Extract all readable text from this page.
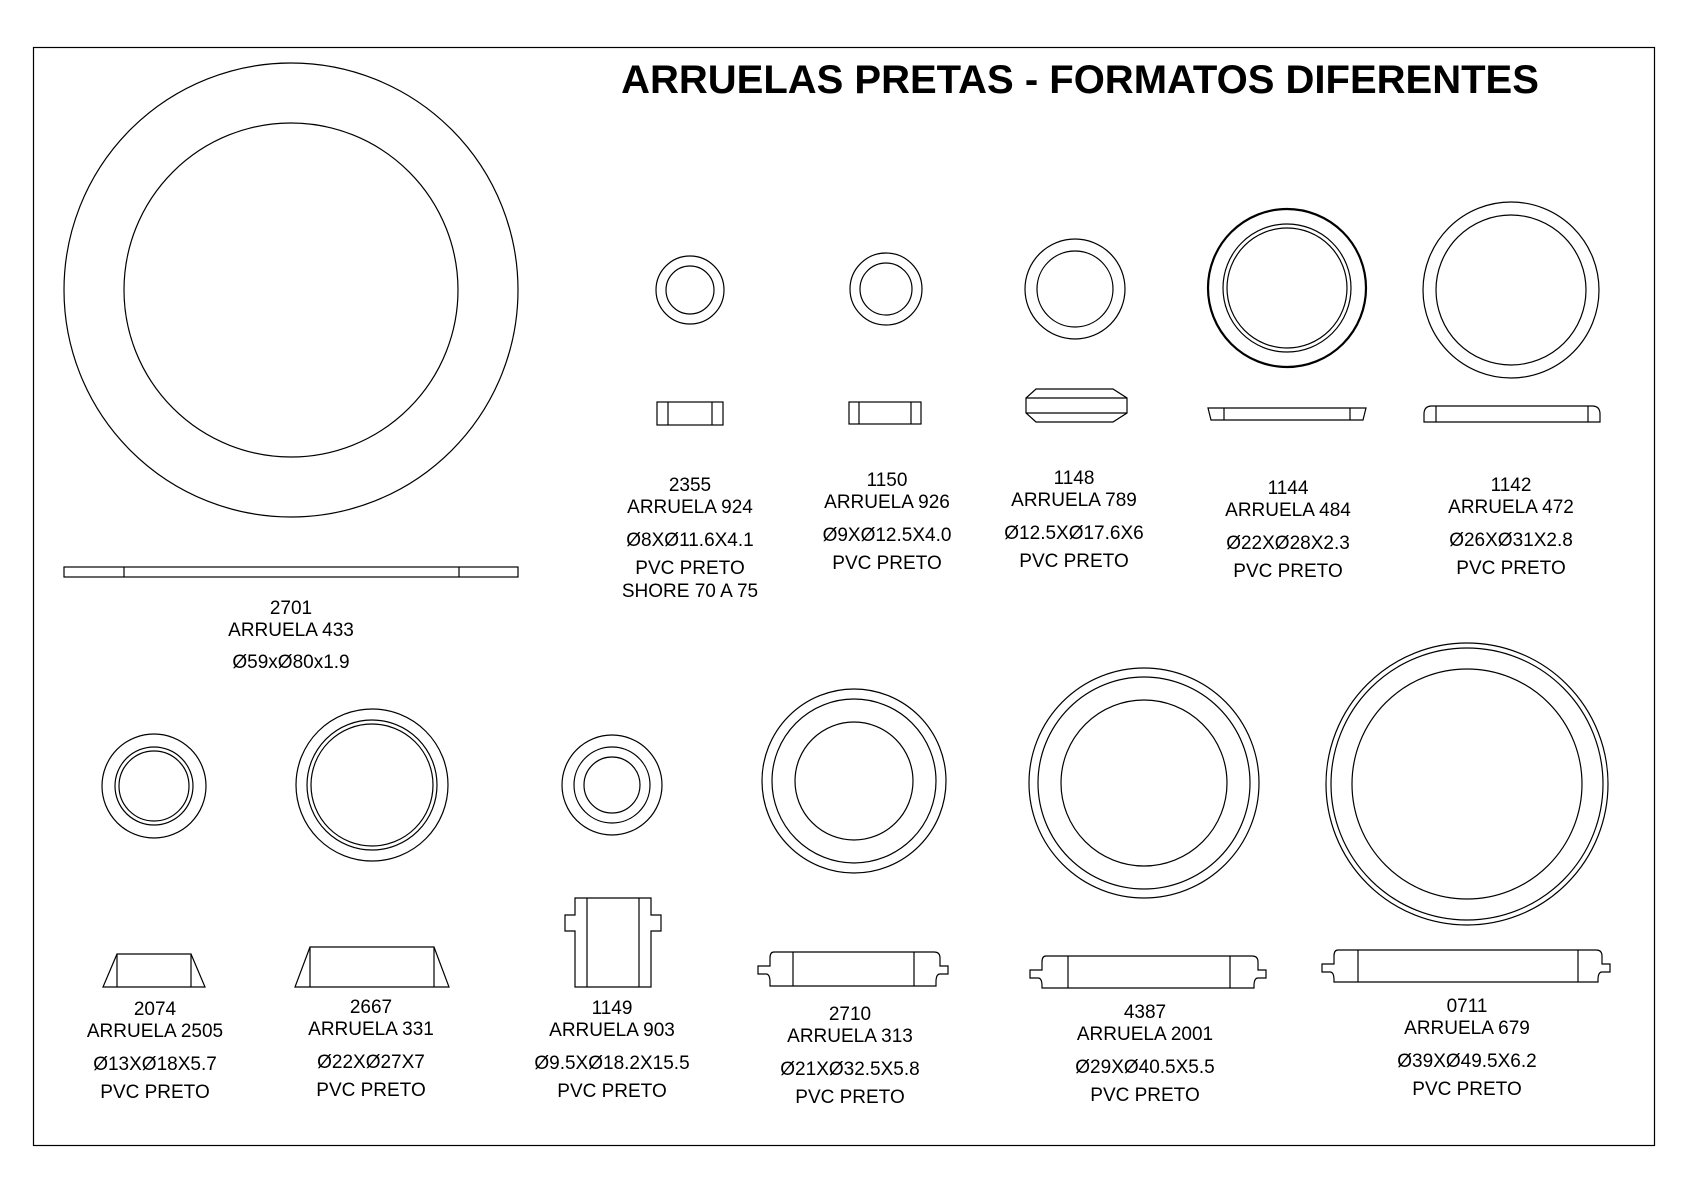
ARRUELAS PRETAS - FORMATOS DIFERENTES
2701
ARRUELA 433
Ø59xØ80x1.9
2355
ARRUELA 924
Ø8XØ11.6X4.1
PVC PRETO
SHORE 70 A 75
1150
ARRUELA 926
Ø9XØ12.5X4.0
PVC PRETO
1148
ARRUELA 789
Ø12.5XØ17.6X6
PVC PRETO
1144
ARRUELA 484
Ø22XØ28X2.3
PVC PRETO
1142
ARRUELA 472
Ø26XØ31X2.8
PVC PRETO
2074
ARRUELA 2505
Ø13XØ18X5.7
PVC PRETO
2667
ARRUELA 331
Ø22XØ27X7
PVC PRETO
1149
ARRUELA 903
Ø9.5XØ18.2X15.5
PVC PRETO
2710
ARRUELA 313
Ø21XØ32.5X5.8
PVC PRETO
4387
ARRUELA 2001
Ø29XØ40.5X5.5
PVC PRETO
0711
ARRUELA 679
Ø39XØ49.5X6.2
PVC PRETO
